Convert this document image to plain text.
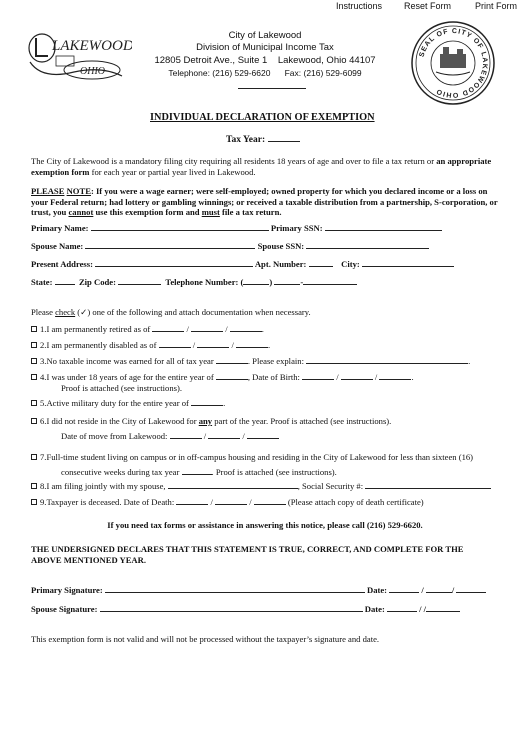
Instructions Reset Form	Print Form
LAKEWOOD
OHIO
City of Lakewood
Division of Municipal Income Tax
12805 Detroit Ave., Suite 1    Lakewood, Ohio 44107
Telephone: (216) 529-6620      Fax: (216) 529-6099
SEAL OF CITY OF LAKEWOOD OHIO
INDIVIDUAL DECLARATION OF EXEMPTION
Tax Year:
The City of Lakewood is a mandatory filing city requiring all residents 18 years of age and over to file a tax return or an appropriate exemption form for each year or partial year lived in Lakewood.
PLEASE NOTE: If you were a wage earner; were self-employed; owned property for which you declared income or a loss on your Federal return; had lottery or gambling winnings; or received a taxable distribution from a partnership, S-corporation, or trust, you cannot use this exemption form and must file a tax return.
Primary Name:	Primary SSN:
Spouse Name:	Spouse SSN:
Present Address:	Apt. Number:	City:
State:	Zip Code:	Telephone Number: (	)	-
Please check (✓) one of the following and attach documentation when necessary.
1.I am permanently retired as of	/	/	.
2.I am permanently disabled as of	/	/	.
3.No taxable income was earned for all of tax year	. Please explain:	.
4.I was under 18 years of age for the entire year of	, Date of Birth:	/	/	.
Proof is attached (see instructions).
5.Active military duty for the entire year of	.
6.I did not reside in the City of Lakewood for any part of the year. Proof is attached (see instructions).
Date of move from Lakewood:	/	/
7.Full-time student living on campus or in off-campus housing and residing in the City of Lakewood for less than sixteen (16)
consecutive weeks during tax year	. Proof is attached (see instructions).
8.I am filing jointly with my spouse,	, Social Security #:
9.Taxpayer is deceased. Date of Death:	/	/	(Please attach copy of death certificate)
If you need tax forms or assistance in answering this notice, please call (216) 529-6620.
THE UNDERSIGNED DECLARES THAT THIS STATEMENT IS TRUE, CORRECT, AND COMPLETE FOR THE ABOVE MENTIONED YEAR.
Primary Signature:	Date:	/	/
Spouse Signature:	Date:	/ /
This exemption form is not valid and will not be processed without the taxpayer’s signature and date.
